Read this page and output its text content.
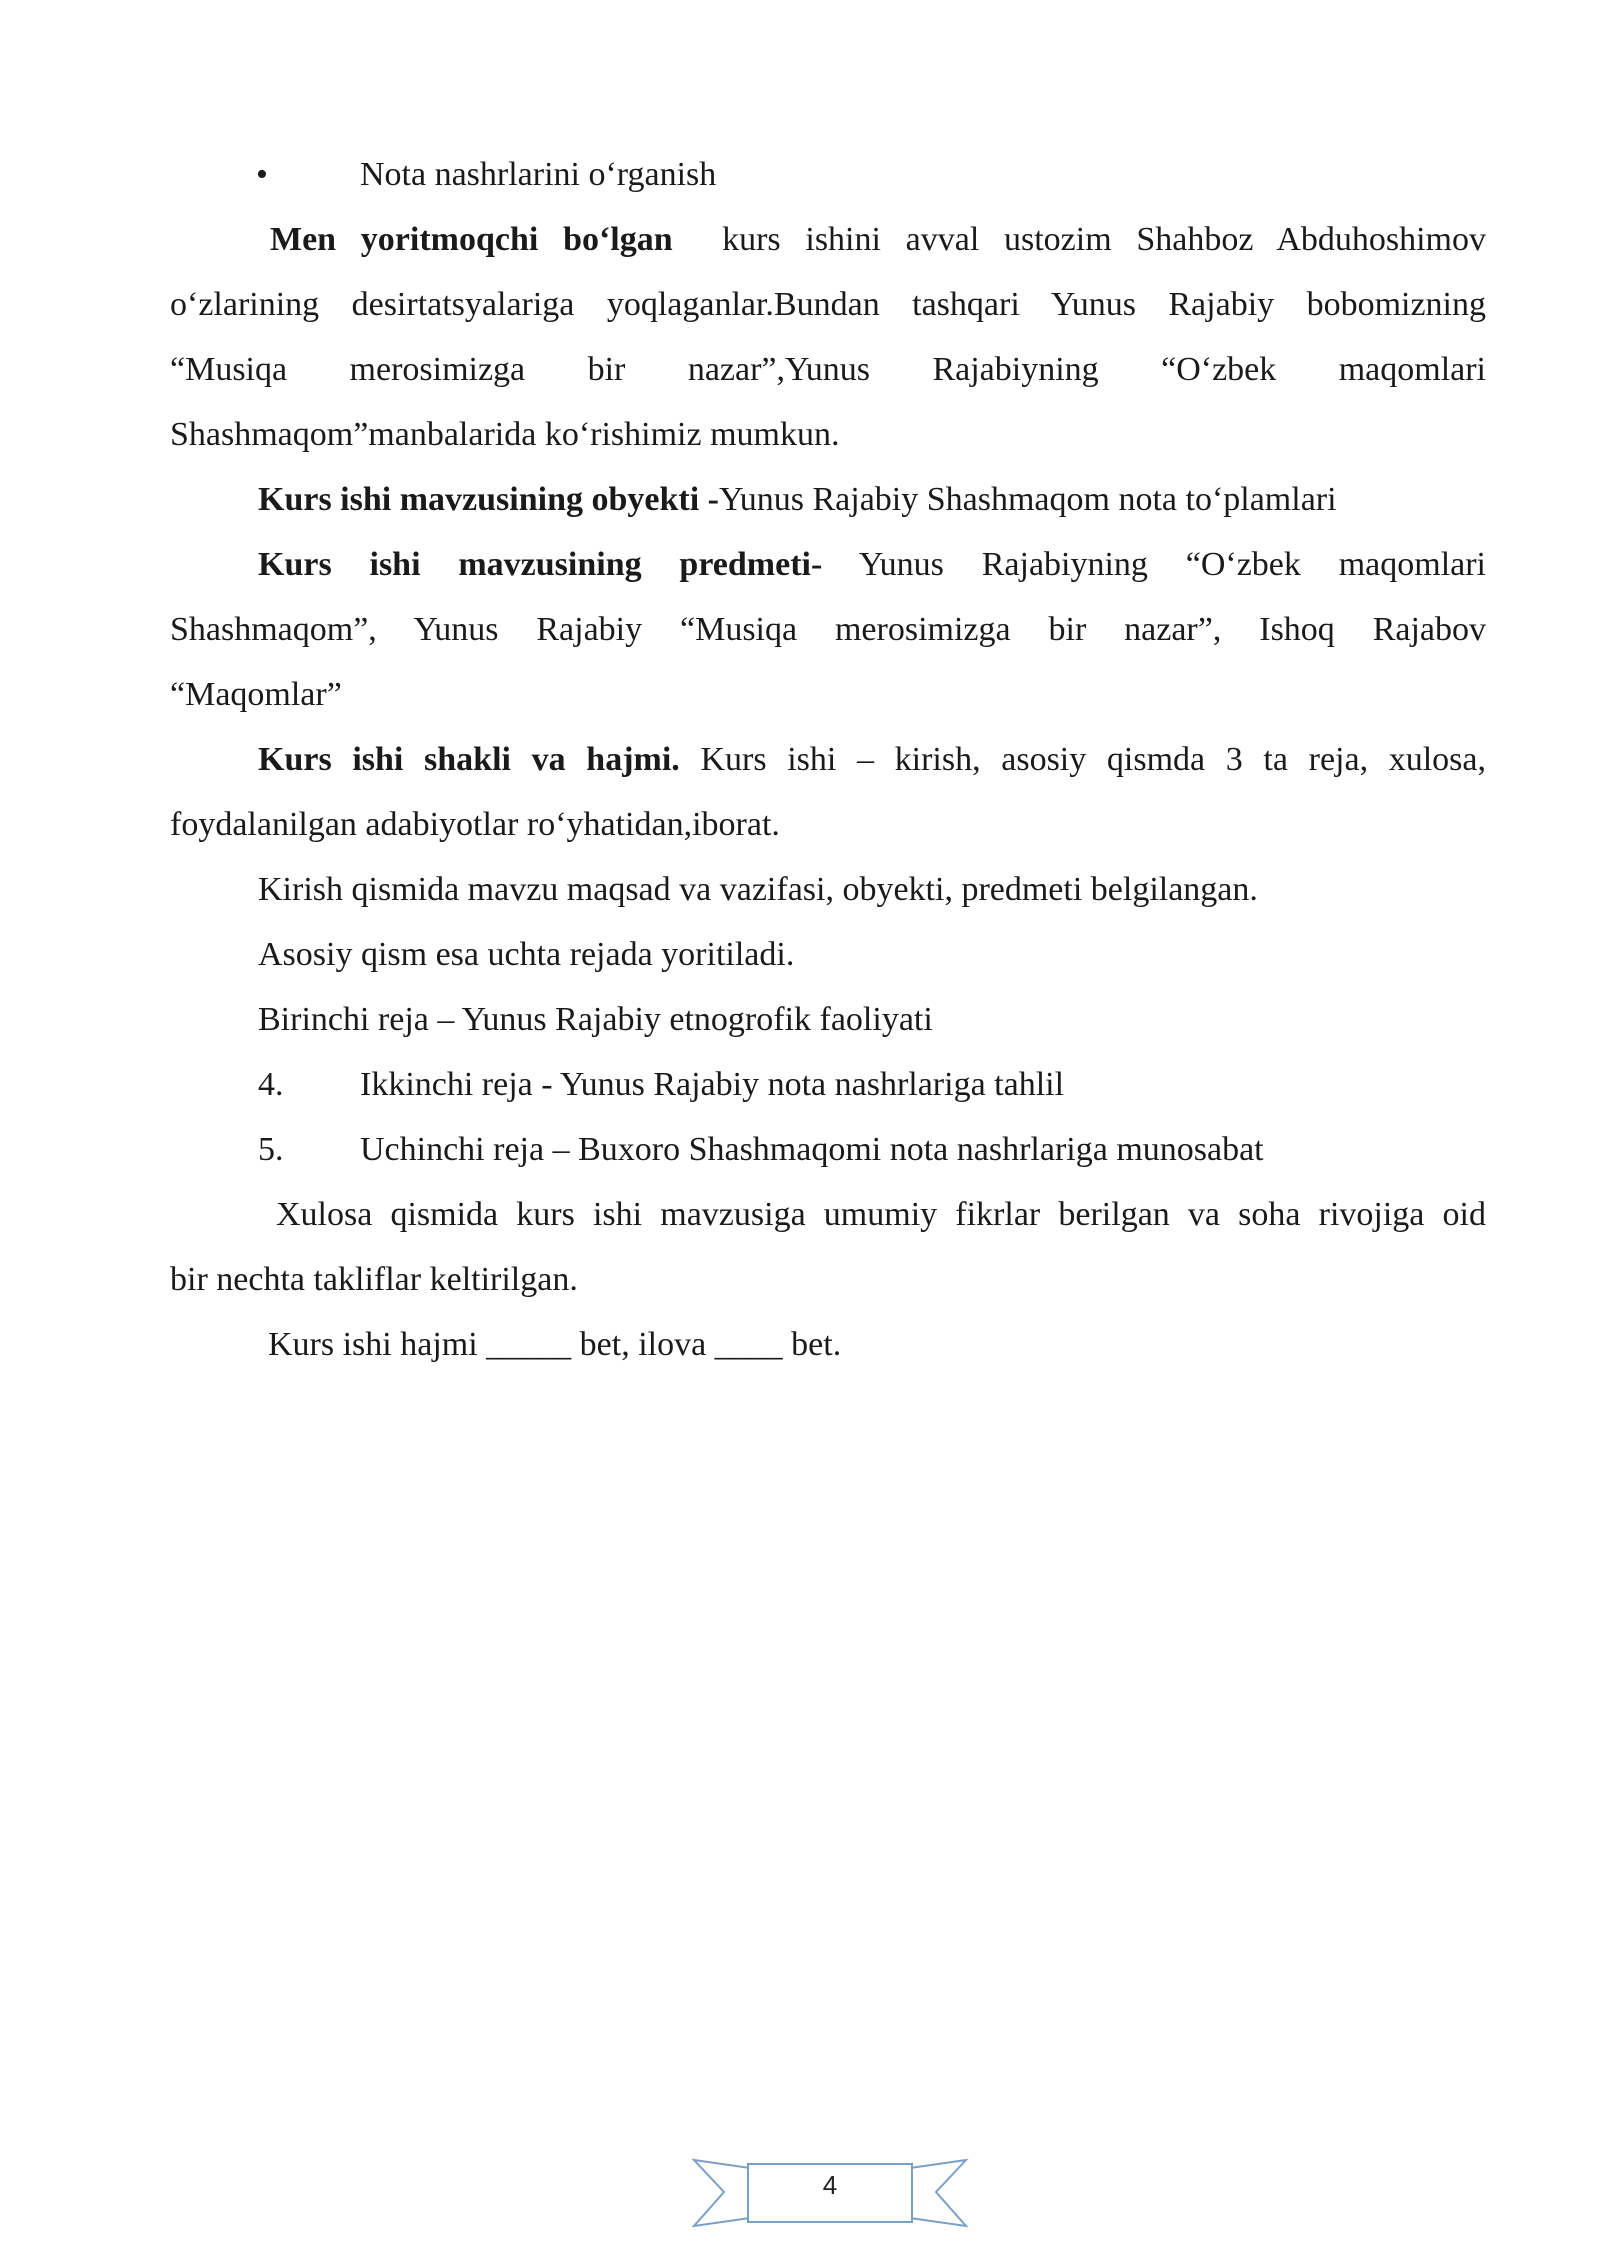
•	Nota nashrlarini o‘rganish
Men yoritmoqchi bo‘lgan kurs ishini avval ustozim Shahboz Abduhoshimov
o‘zlarining desirtatsyalariga yoqlaganlar.Bundan tashqari Yunus Rajabiy bobomizning
“Musiqa merosimizga bir nazar”,Yunus Rajabiyning “O‘zbek maqomlari
Shashmaqom”manbalarida ko‘rishimiz mumkun.
Kurs ishi mavzusining obyekti -Yunus Rajabiy Shashmaqom nota to‘plamlari
Kurs ishi mavzusining predmeti- Yunus Rajabiyning “O‘zbek maqomlari
Shashmaqom”, Yunus Rajabiy “Musiqa merosimizga bir nazar”, Ishoq Rajabov
“Maqomlar”
Kurs ishi shakli va hajmi. Kurs ishi – kirish, asosiy qismda 3 ta reja, xulosa,
foydalanilgan adabiyotlar ro‘yhatidan,iborat.
Kirish qismida mavzu maqsad va vazifasi, obyekti, predmeti belgilangan.
Asosiy qism esa uchta rejada yoritiladi.
Birinchi reja – Yunus Rajabiy etnogrofik faoliyati
4. Ikkinchi reja - Yunus Rajabiy nota nashrlariga tahlil
5. Uchinchi reja – Buxoro Shashmaqomi nota nashrlariga munosabat
Xulosa qismida kurs ishi mavzusiga umumiy fikrlar berilgan va soha rivojiga oid
bir nechta takliflar keltirilgan.
Kurs ishi hajmi _____ bet, ilova ____ bet.
4
